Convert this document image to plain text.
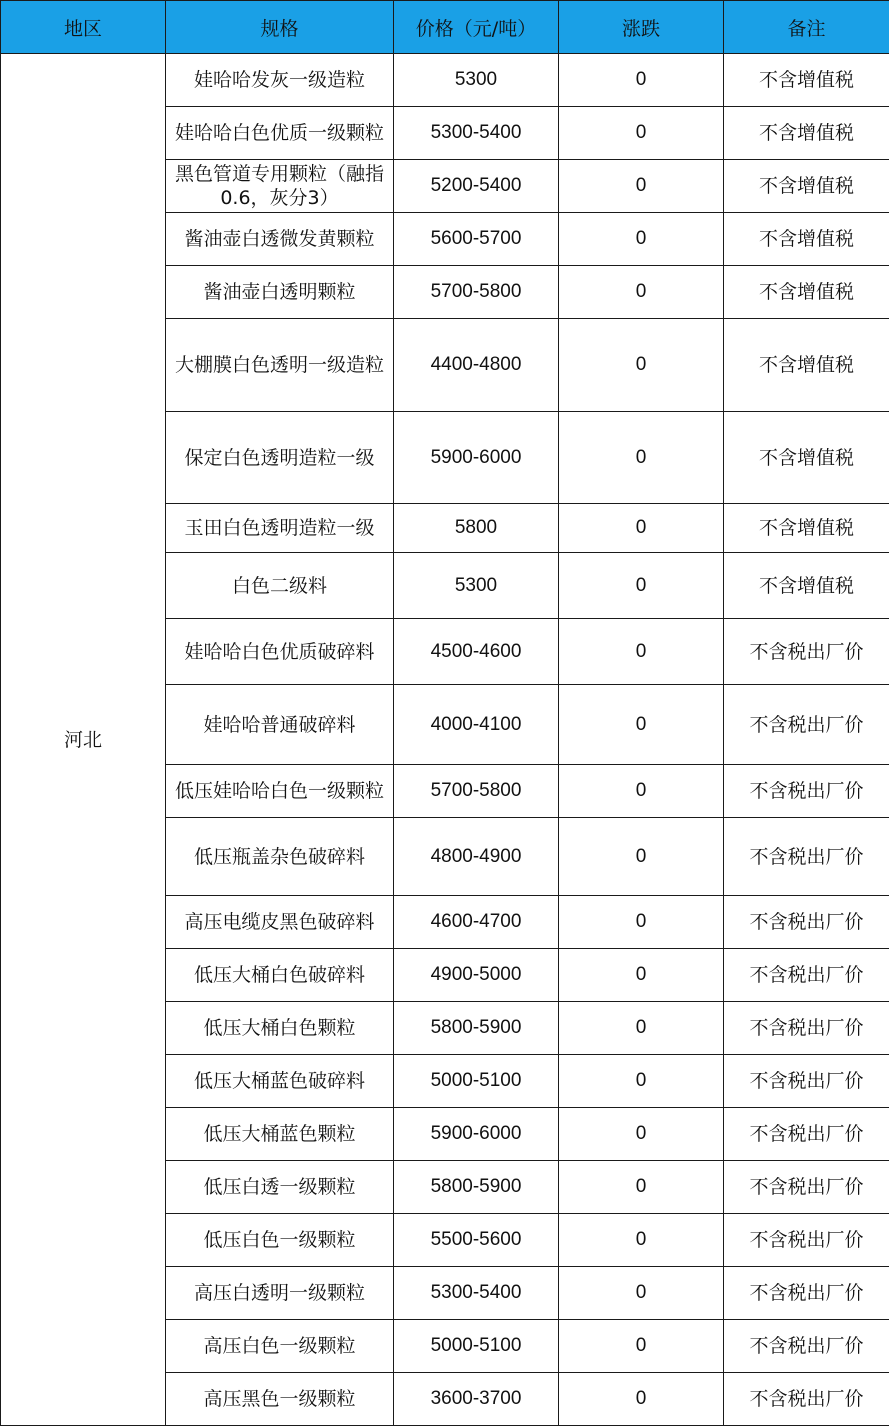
地区	规格	价格（元/吨）	涨跌	备注
河北	娃哈哈发灰一级造粒	5300	0	不含增值税
	娃哈哈白色优质一级颗粒	5300-5400	0	不含增值税
	黑色管道专用颗粒（融指0.6，灰分3）	5200-5400	0	不含增值税
	酱油壶白透微发黄颗粒	5600-5700	0	不含增值税
	酱油壶白透明颗粒	5700-5800	0	不含增值税
	大棚膜白色透明一级造粒	4400-4800	0	不含增值税
	保定白色透明造粒一级	5900-6000	0	不含增值税
	玉田白色透明造粒一级	5800	0	不含增值税
	白色二级料	5300	0	不含增值税
	娃哈哈白色优质破碎料	4500-4600	0	不含税出厂价
	娃哈哈普通破碎料	4000-4100	0	不含税出厂价
	低压娃哈哈白色一级颗粒	5700-5800	0	不含税出厂价
	低压瓶盖杂色破碎料	4800-4900	0	不含税出厂价
	高压电缆皮黑色破碎料	4600-4700	0	不含税出厂价
	低压大桶白色破碎料	4900-5000	0	不含税出厂价
	低压大桶白色颗粒	5800-5900	0	不含税出厂价
	低压大桶蓝色破碎料	5000-5100	0	不含税出厂价
	低压大桶蓝色颗粒	5900-6000	0	不含税出厂价
	低压白透一级颗粒	5800-5900	0	不含税出厂价
	低压白色一级颗粒	5500-5600	0	不含税出厂价
	高压白透明一级颗粒	5300-5400	0	不含税出厂价
	高压白色一级颗粒	5000-5100	0	不含税出厂价
	高压黑色一级颗粒	3600-3700	0	不含税出厂价
